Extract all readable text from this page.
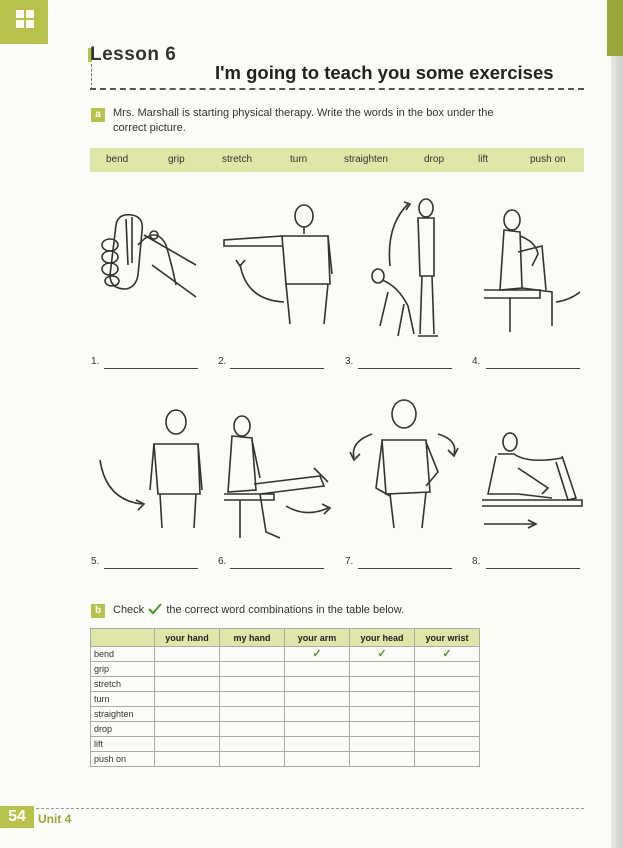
Lesson 6
I'm going to teach you some exercises
a	Mrs. Marshall is starting physical therapy. Write the words in the box under the
correct picture.
bend	grip	stretch	turn	straighten	drop	lift	push on
1.	2.	3.	4.
5.	6.	7.	8.
b	Check the correct word combinations in the table below.
	your hand	my hand	your arm	your head	your wrist
bend			✓	✓	✓
grip					
stretch					
turn					
straighten					
drop					
lift					
push on					
54	Unit 4
